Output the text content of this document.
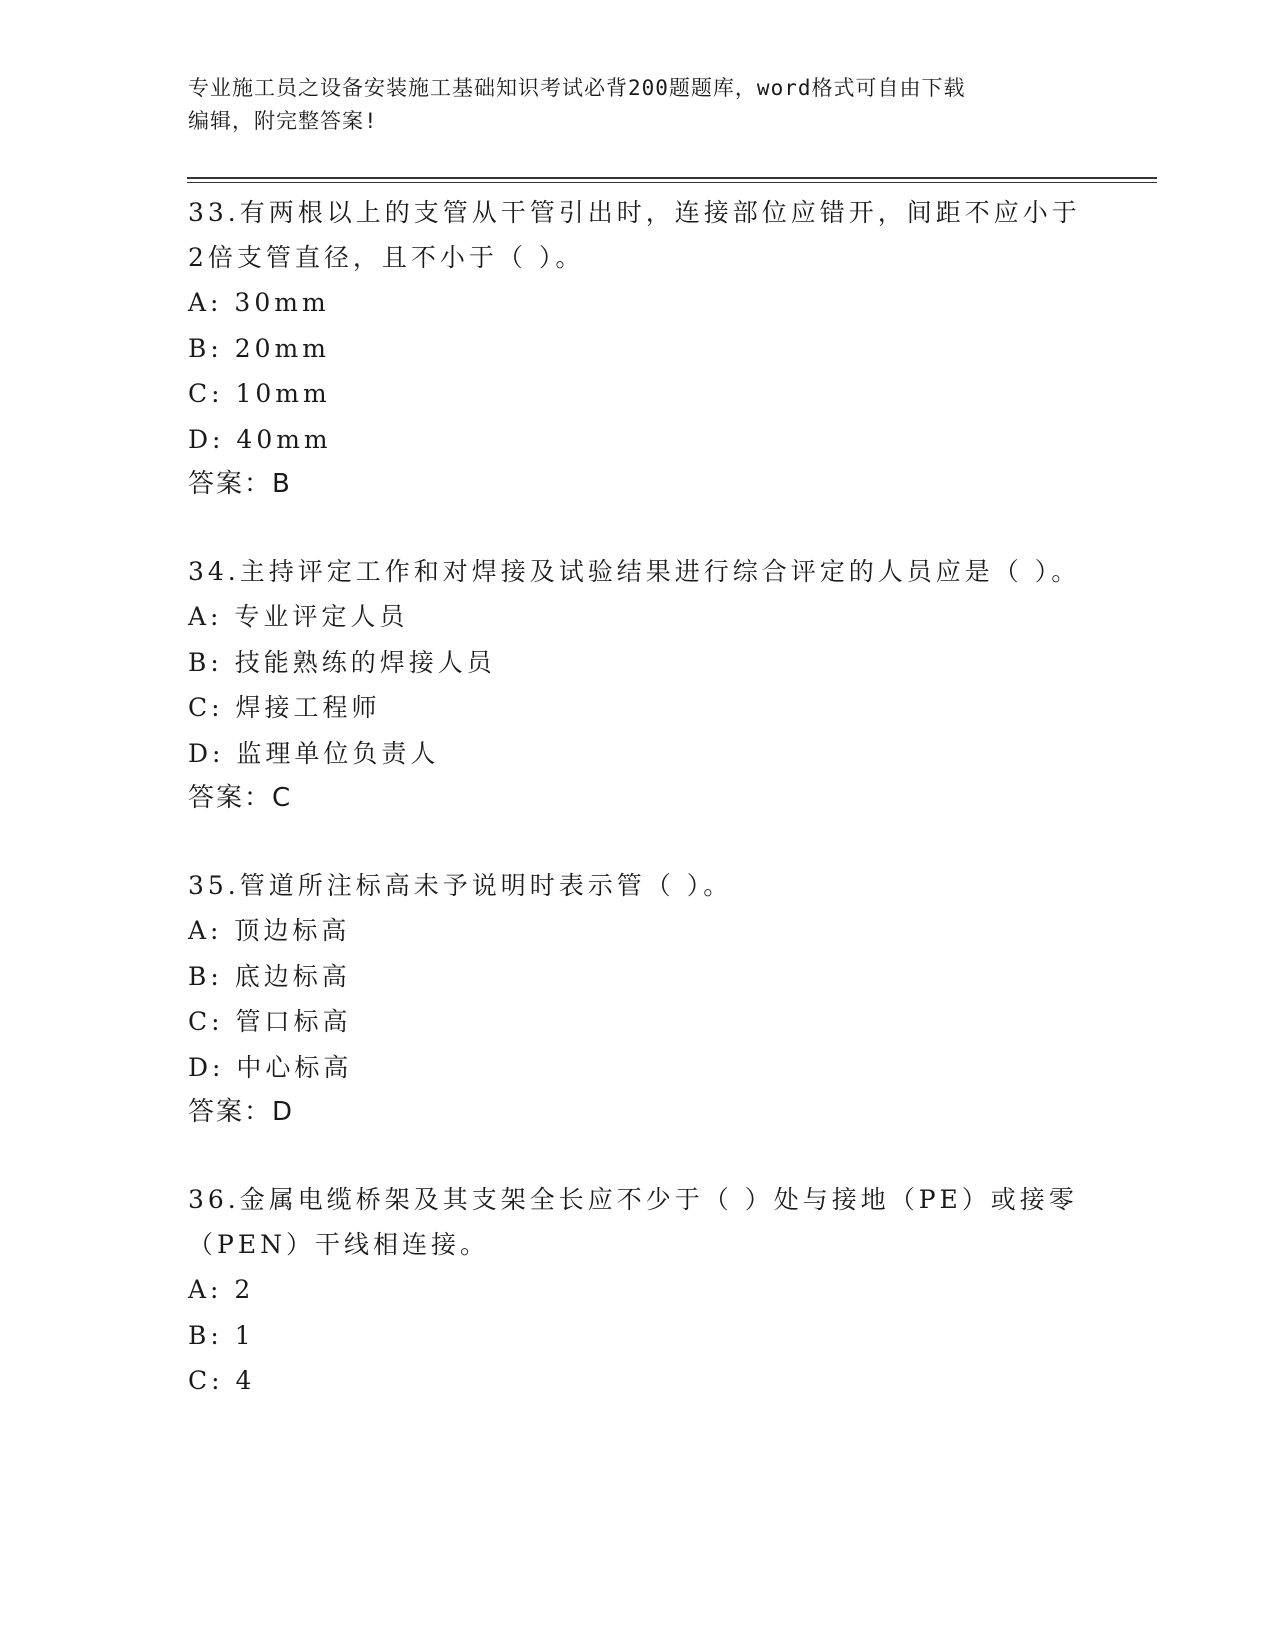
专业施工员之设备安装施工基础知识考试必背200题题库，word格式可自由下载
编辑，附完整答案!
33.有两根以上的支管从干管引出时，连接部位应错开，间距不应小于2倍支管直径，且不小于（ ）。
A: 30mm
B: 20mm
C: 10mm
D: 40mm
答案：B
34.主持评定工作和对焊接及试验结果进行综合评定的人员应是（ ）。
A: 专业评定人员
B: 技能熟练的焊接人员
C: 焊接工程师
D: 监理单位负责人
答案：C
35.管道所注标高未予说明时表示管（ ）。
A: 顶边标高
B: 底边标高
C: 管口标高
D: 中心标高
答案：D
36.金属电缆桥架及其支架全长应不少于（ ）处与接地（PE）或接零（PEN）干线相连接。
A: 2
B: 1
C: 4
